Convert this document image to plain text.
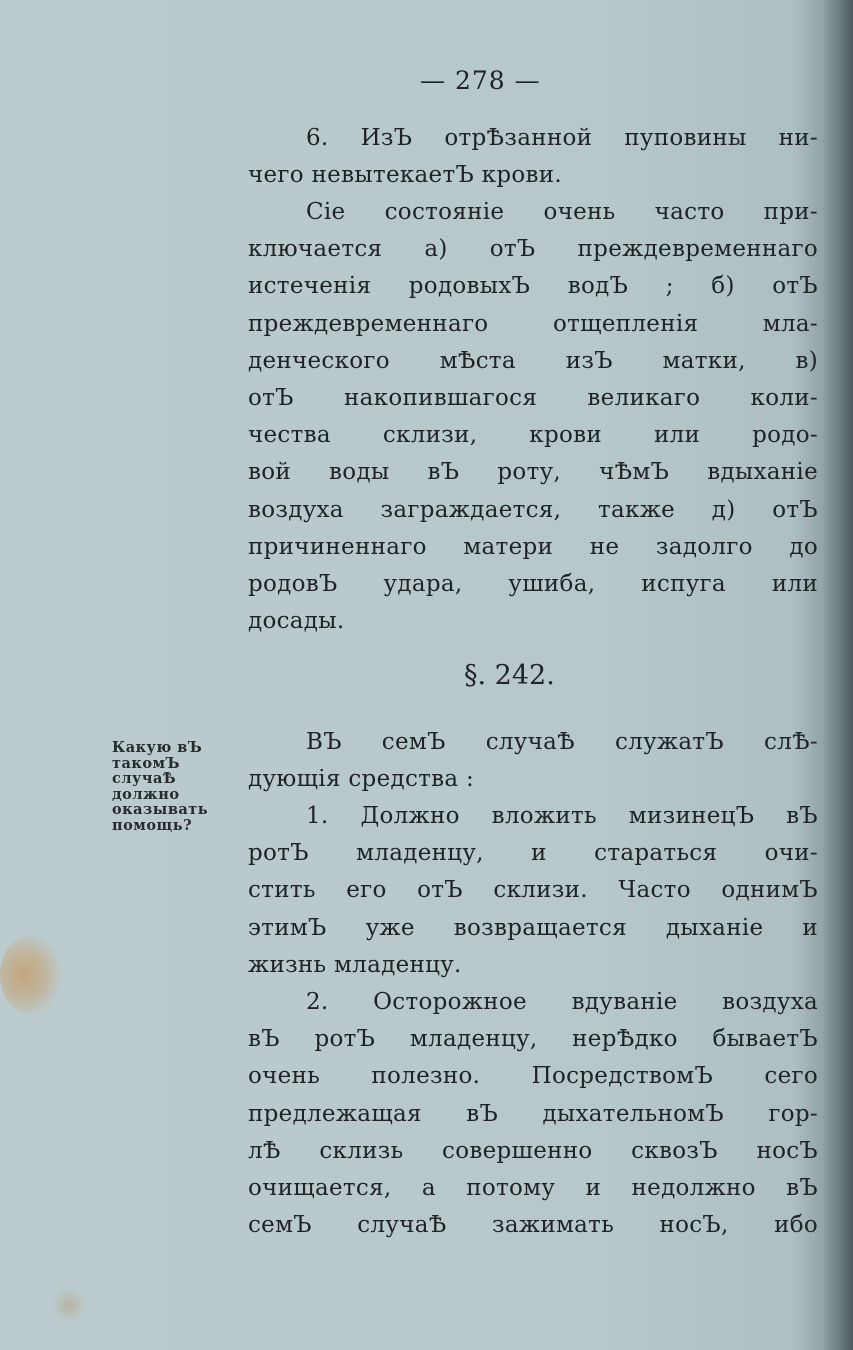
— 278 —
6. ИзЪ отрѢзанной пуповины ни-
чего невытекаетЪ крови.
Сіе состояніе очень часто при-
ключается а) отЪ преждевременнаго
истеченія родовыхЪ водЪ ; б) отЪ
преждевременнаго отщепленія мла-
денческого мѢста изЪ матки, в)
отЪ накопившагося великаго коли-
чества склизи, крови или родо-
вой воды вЪ роту, чѢмЪ вдыханіе
воздуха заграждается, также д) отЪ
причиненнаго матери не задолго до
родовЪ удара, ушиба, испуга или
досады.
§. 242.
Какую вЪ
такомЪ
случаѢ
должно
оказывать
помощь?
ВЪ семЪ случаѢ служатЪ слѢ-
дующія средства :
1. Должно вложить мизинецЪ вЪ
ротЪ младенцу, и стараться очи-
стить его отЪ склизи. Часто однимЪ
этимЪ уже возвращается дыханіе и
жизнь младенцу.
2. Осторожное вдуваніе воздуха
вЪ ротЪ младенцу, нерѢдко бываетЪ
очень полезно. ПосредствомЪ сего
предлежащая вЪ дыхательномЪ гор-
лѢ склизь совершенно сквозЪ носЪ
очищается, а потому и недолжно вЪ
семЪ случаѢ зажимать носЪ, ибо
